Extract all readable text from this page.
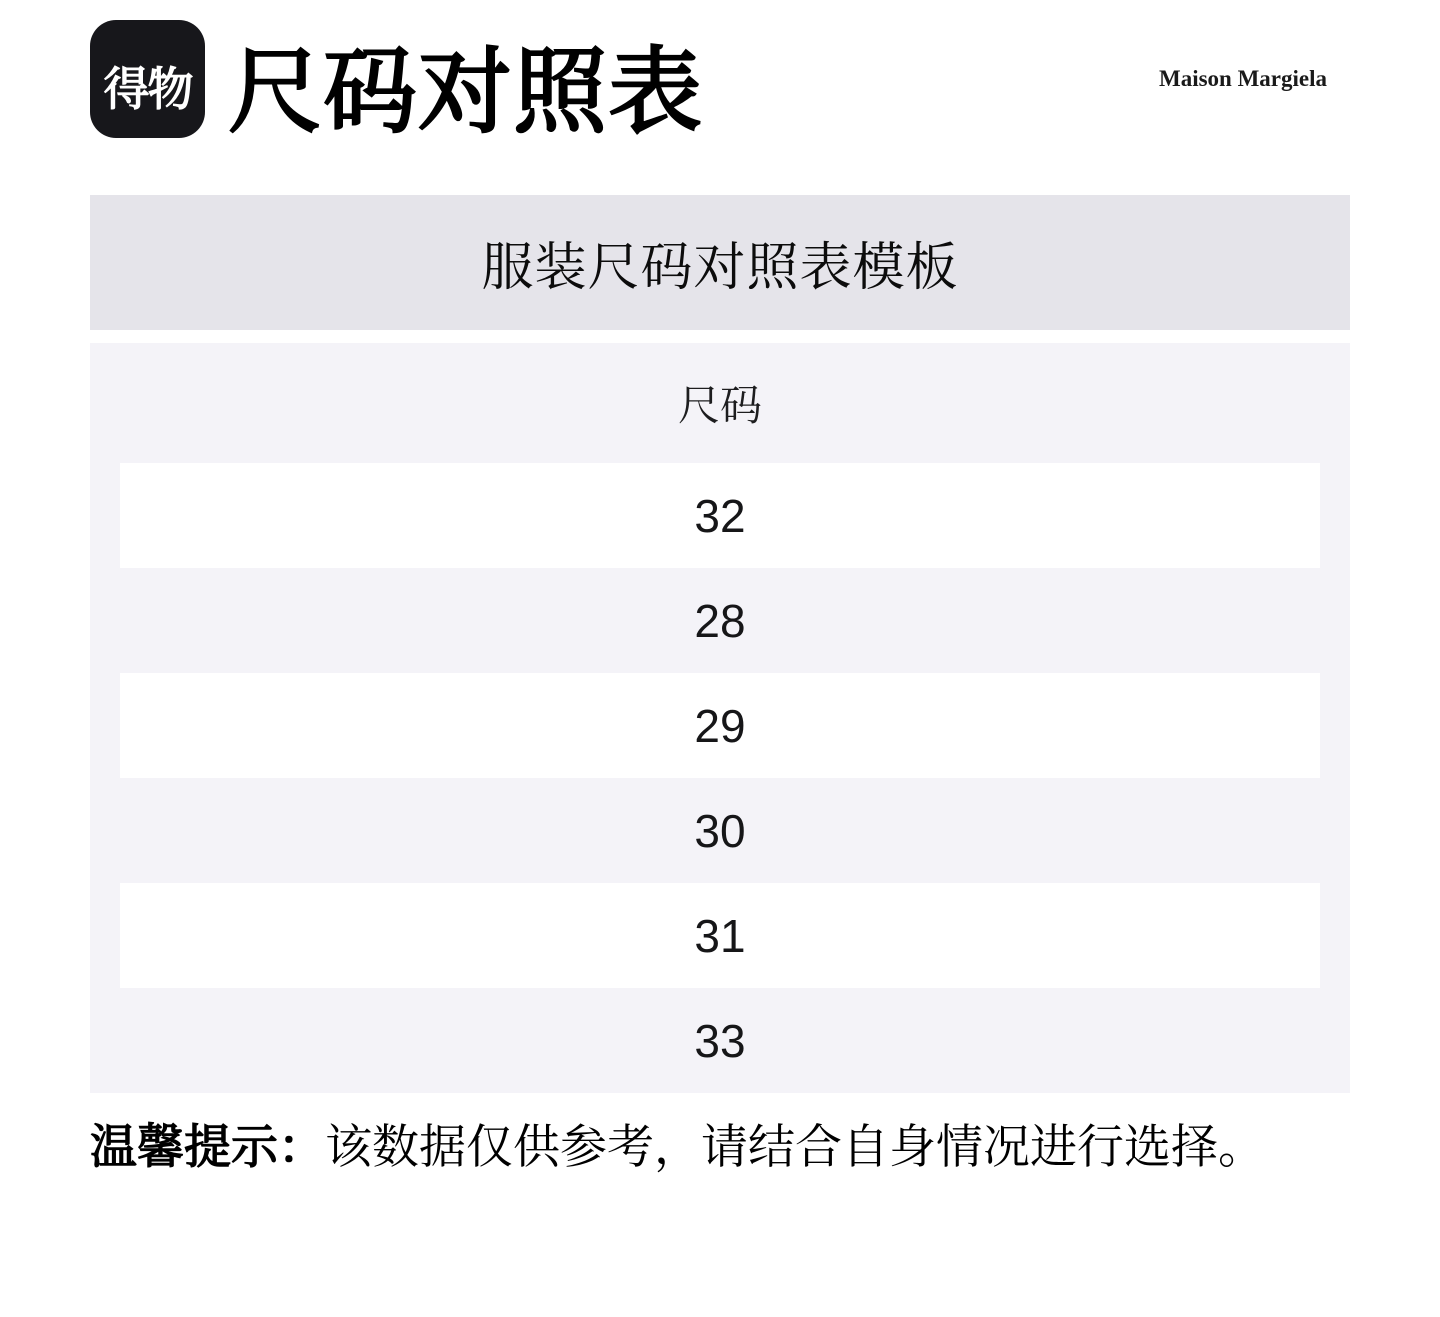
得物 尺码对照表	Maison Margiela
服装尺码对照表模板
尺码
32
28
29
30
31
33
温馨提示：该数据仅供参考，请结合自身情况进行选择。
